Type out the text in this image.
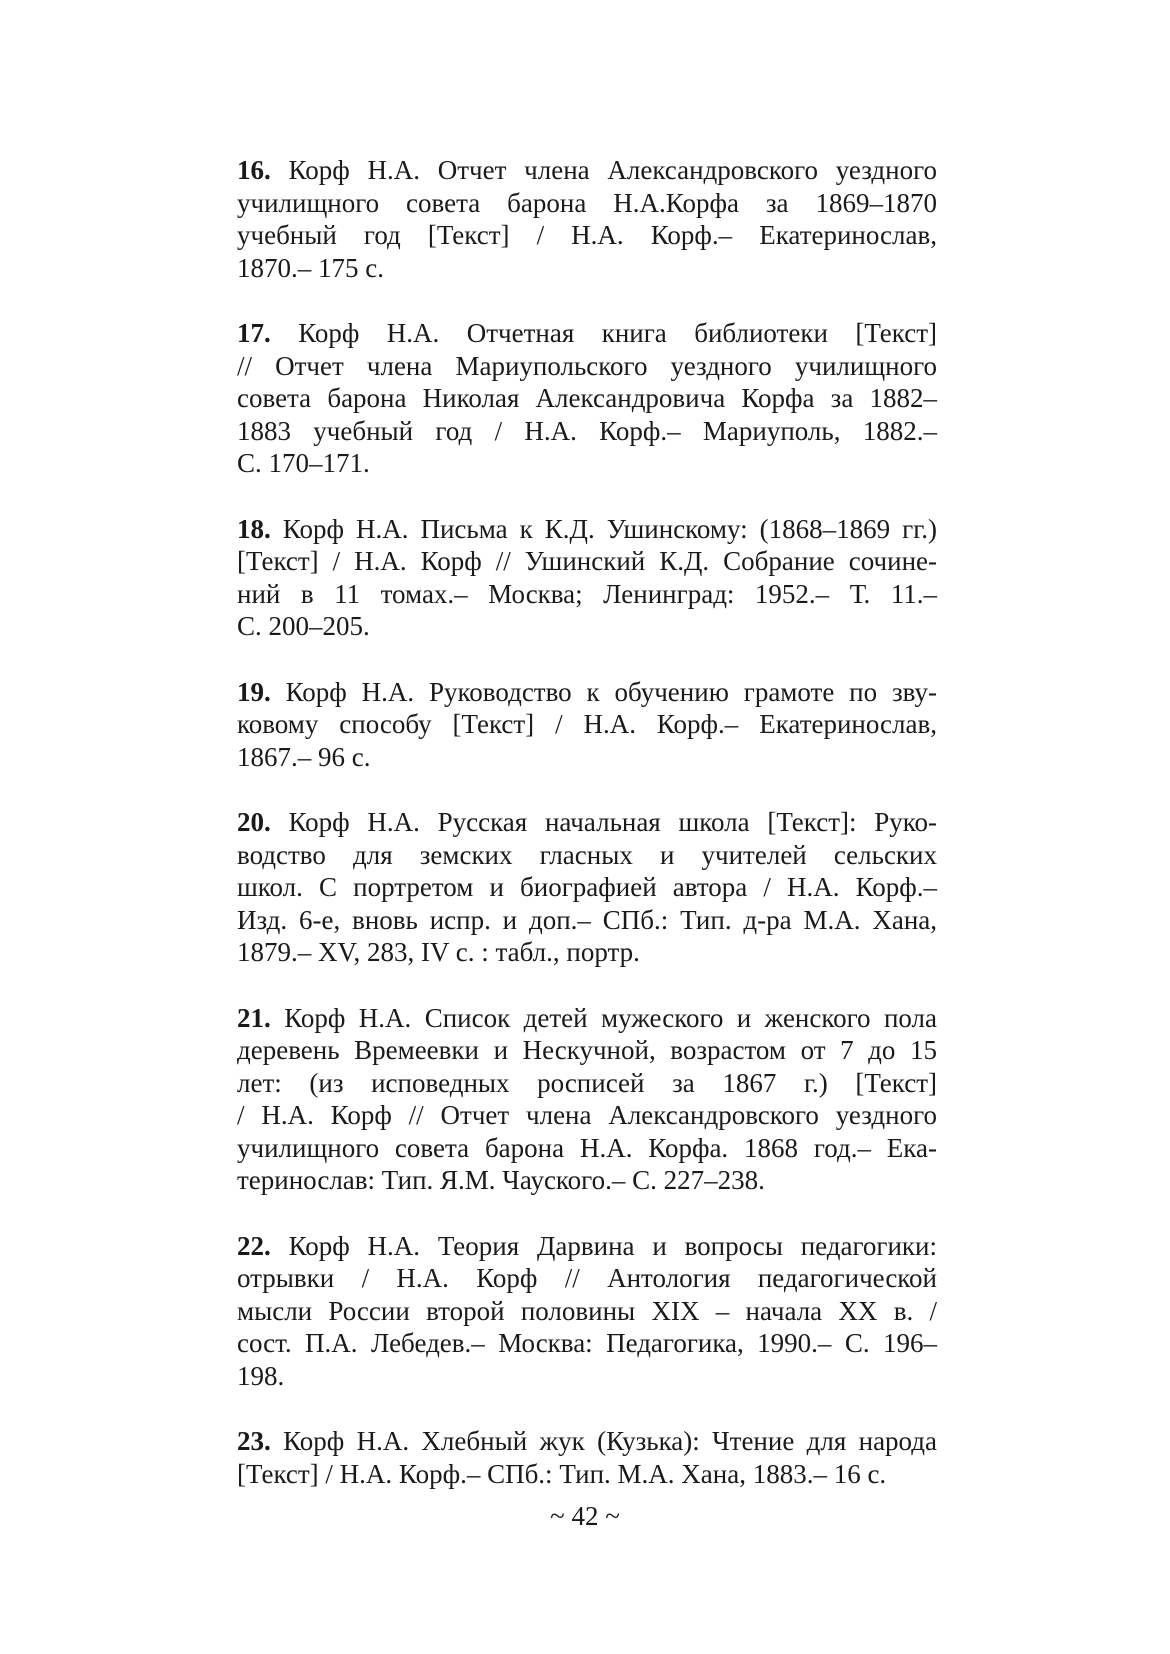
16. Корф Н.А. Отчет члена Александровского уездного
училищного совета барона Н.А.Корфа за 1869–1870
учебный год [Текст] / Н.А. Корф.– Екатеринослав,
1870.– 175 с.
17. Корф Н.А. Отчетная книга библиотеки [Текст]
// Отчет члена Мариупольского уездного училищного
совета барона Николая Александровича Корфа за 1882–
1883 учебный год / Н.А. Корф.– Мариуполь, 1882.–
С. 170–171.
18. Корф Н.А. Письма к К.Д. Ушинскому: (1868–1869 гг.)
[Текст] / Н.А. Корф // Ушинский К.Д. Собрание сочине-
ний в 11 томах.– Москва; Ленинград: 1952.– Т. 11.–
С. 200–205.
19. Корф Н.А. Руководство к обучению грамоте по зву-
ковому способу [Текст] / Н.А. Корф.– Екатеринослав,
1867.– 96 с.
20. Корф Н.А. Русская начальная школа [Текст]: Руко-
водство для земских гласных и учителей сельских
школ. С портретом и биографией автора / Н.А. Корф.–
Изд. 6-е, вновь испр. и доп.– СПб.: Тип. д-ра М.А. Хана,
1879.– XV, 283, IV с. : табл., портр.
21. Корф Н.А. Список детей мужеского и женского пола
деревень Времеевки и Нескучной, возрастом от 7 до 15
лет: (из исповедных росписей за 1867 г.) [Текст]
/ Н.А. Корф // Отчет члена Александровского уездного
училищного совета барона Н.А. Корфа. 1868 год.– Ека-
теринослав: Тип. Я.М. Чауского.– С. 227–238.
22. Корф Н.А. Теория Дарвина и вопросы педагогики:
отрывки / Н.А. Корф // Антология педагогической
мысли России второй половины XIX – начала XX в. /
сост. П.А. Лебедев.– Москва: Педагогика, 1990.– С. 196–
198.
23. Корф Н.А. Хлебный жук (Кузька): Чтение для народа
[Текст] / Н.А. Корф.– СПб.: Тип. М.А. Хана, 1883.– 16 с.
~ 42 ~
